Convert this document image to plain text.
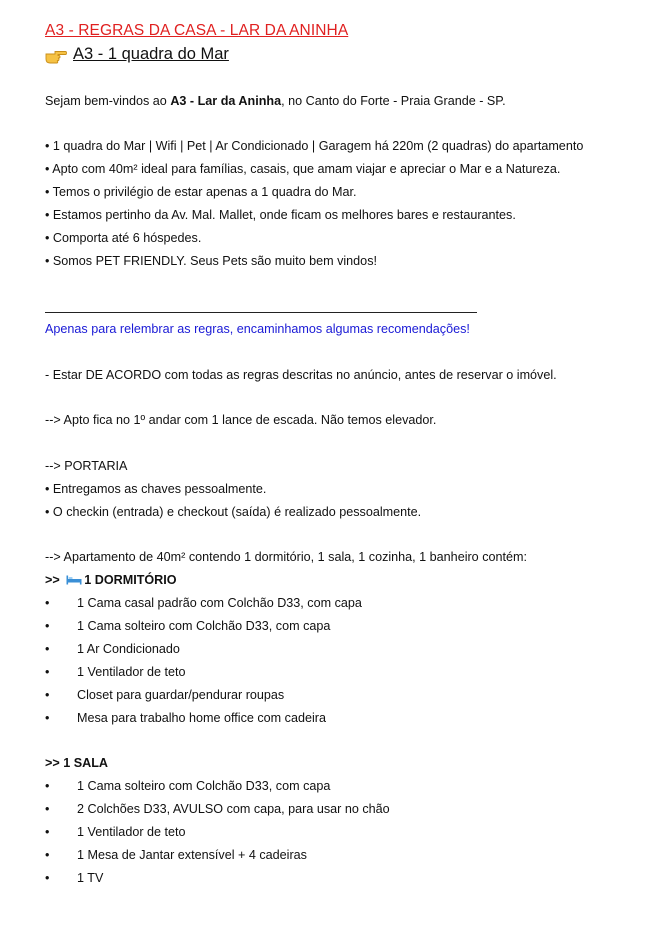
A3 - REGRAS DA CASA - LAR DA ANINHA
A3 - 1 quadra do Mar
Sejam bem-vindos ao A3 - Lar da Aninha, no Canto do Forte - Praia Grande - SP.
• 1 quadra do Mar | Wifi | Pet | Ar Condicionado | Garagem há 220m (2 quadras) do apartamento
• Apto com 40m² ideal para famílias, casais, que amam viajar e apreciar o Mar e a Natureza.
• Temos o privilégio de estar apenas a 1 quadra do Mar.
• Estamos pertinho da Av. Mal. Mallet, onde ficam os melhores bares e restaurantes.
• Comporta até 6 hóspedes.
• Somos PET FRIENDLY. Seus Pets são muito bem vindos!
Apenas para relembrar as regras, encaminhamos algumas recomendações!
- Estar DE ACORDO com todas as regras descritas no anúncio, antes de reservar o imóvel.
--> Apto fica no 1º andar com 1 lance de escada. Não temos elevador.
--> PORTARIA
• Entregamos as chaves pessoalmente.
• O checkin (entrada) e checkout (saída) é realizado pessoalmente.
--> Apartamento de 40m² contendo 1 dormitório, 1 sala, 1 cozinha, 1 banheiro contém:
>> 1 DORMITÓRIO
• 1 Cama casal padrão com Colchão D33, com capa
• 1 Cama solteiro com Colchão D33, com capa
• 1 Ar Condicionado
• 1 Ventilador de teto
• Closet para guardar/pendurar roupas
• Mesa para trabalho home office com cadeira
>> 1 SALA
• 1 Cama solteiro com Colchão D33, com capa
• 2 Colchões D33, AVULSO com capa, para usar no chão
• 1 Ventilador de teto
• 1 Mesa de Jantar extensível + 4 cadeiras
• 1 TV
